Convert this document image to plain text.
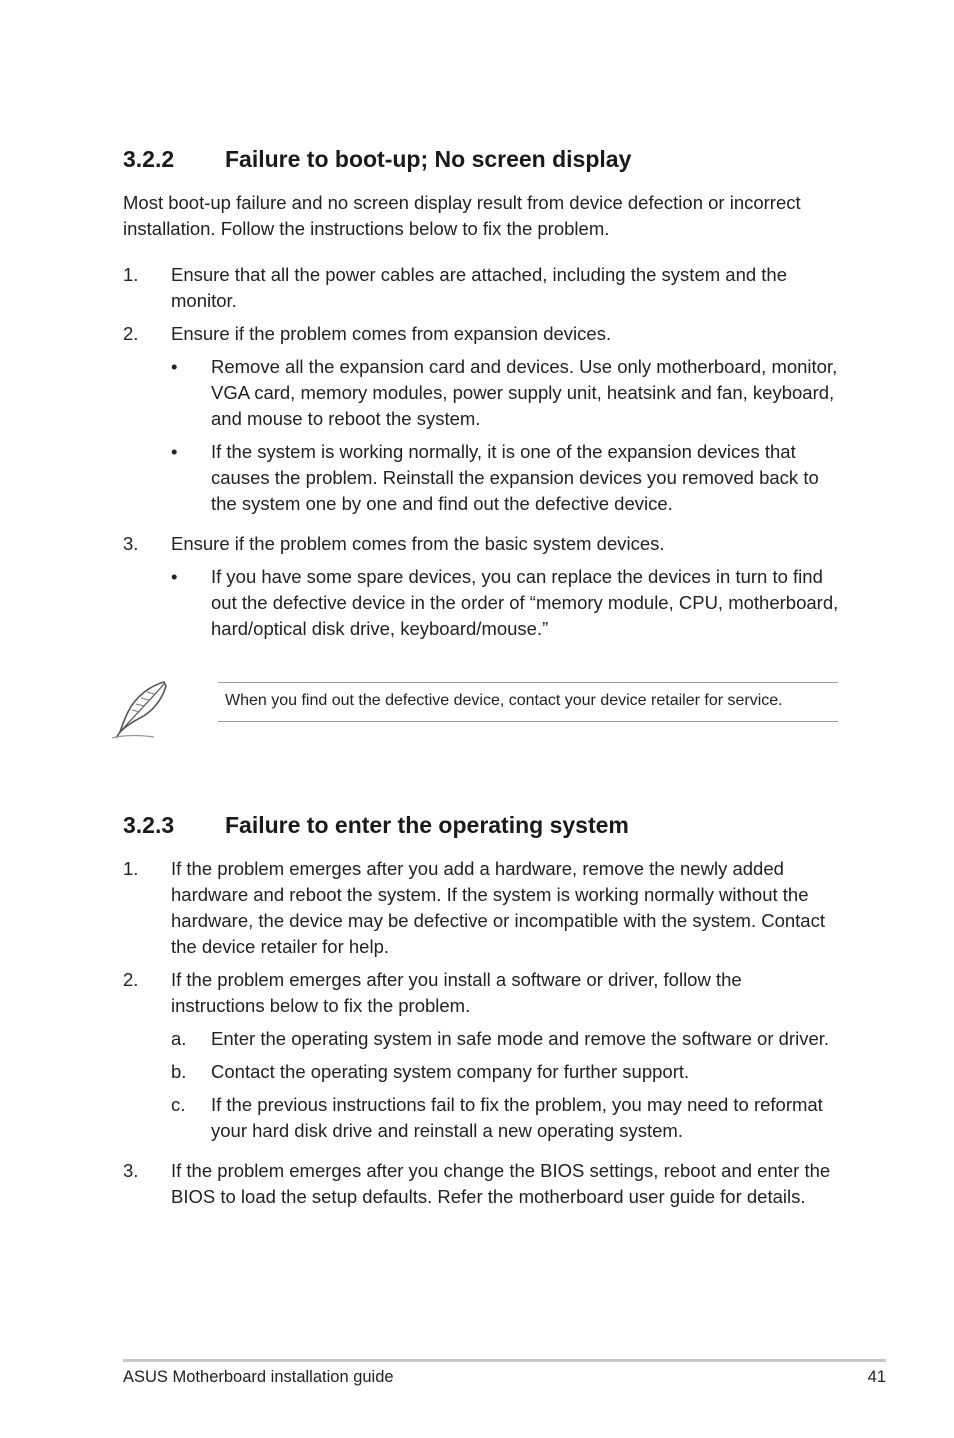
3.2.2	Failure to boot-up; No screen display

Most boot-up failure and no screen display result from device defection or incorrect installation. Follow the instructions below to fix the problem.

1.	Ensure that all the power cables are attached, including the system and the monitor.
2.	Ensure if the problem comes from expansion devices.
•	Remove all the expansion card and devices. Use only motherboard, monitor, VGA card, memory modules, power supply unit, heatsink and fan, keyboard, and mouse to reboot the system.
•	If the system is working normally, it is one of the expansion devices that causes the problem. Reinstall the expansion devices you removed back to the system one by one and find out the defective device.
3.	Ensure if the problem comes from the basic system devices.
•	If you have some spare devices, you can replace the devices in turn to find out the defective device in the order of “memory module, CPU, motherboard, hard/optical disk drive, keyboard/mouse.”
When you find out the defective device, contact your device retailer for service.
3.2.3	Failure to enter the operating system
1.	If the problem emerges after you add a hardware, remove the newly added hardware and reboot the system. If the system is working normally without the hardware, the device may be defective or incompatible with the system. Contact the device retailer for help.
2.	If the problem emerges after you install a software or driver, follow the instructions below to fix the problem.
a.	Enter the operating system in safe mode and remove the software or driver.
b.	Contact the operating system company for further support.
c.	If the previous instructions fail to fix the problem, you may need to reformat your hard disk drive and reinstall a new operating system.
3.	If the problem emerges after you change the BIOS settings, reboot and enter the BIOS to load the setup defaults. Refer the motherboard user guide for details.
ASUS Motherboard installation guide	41
